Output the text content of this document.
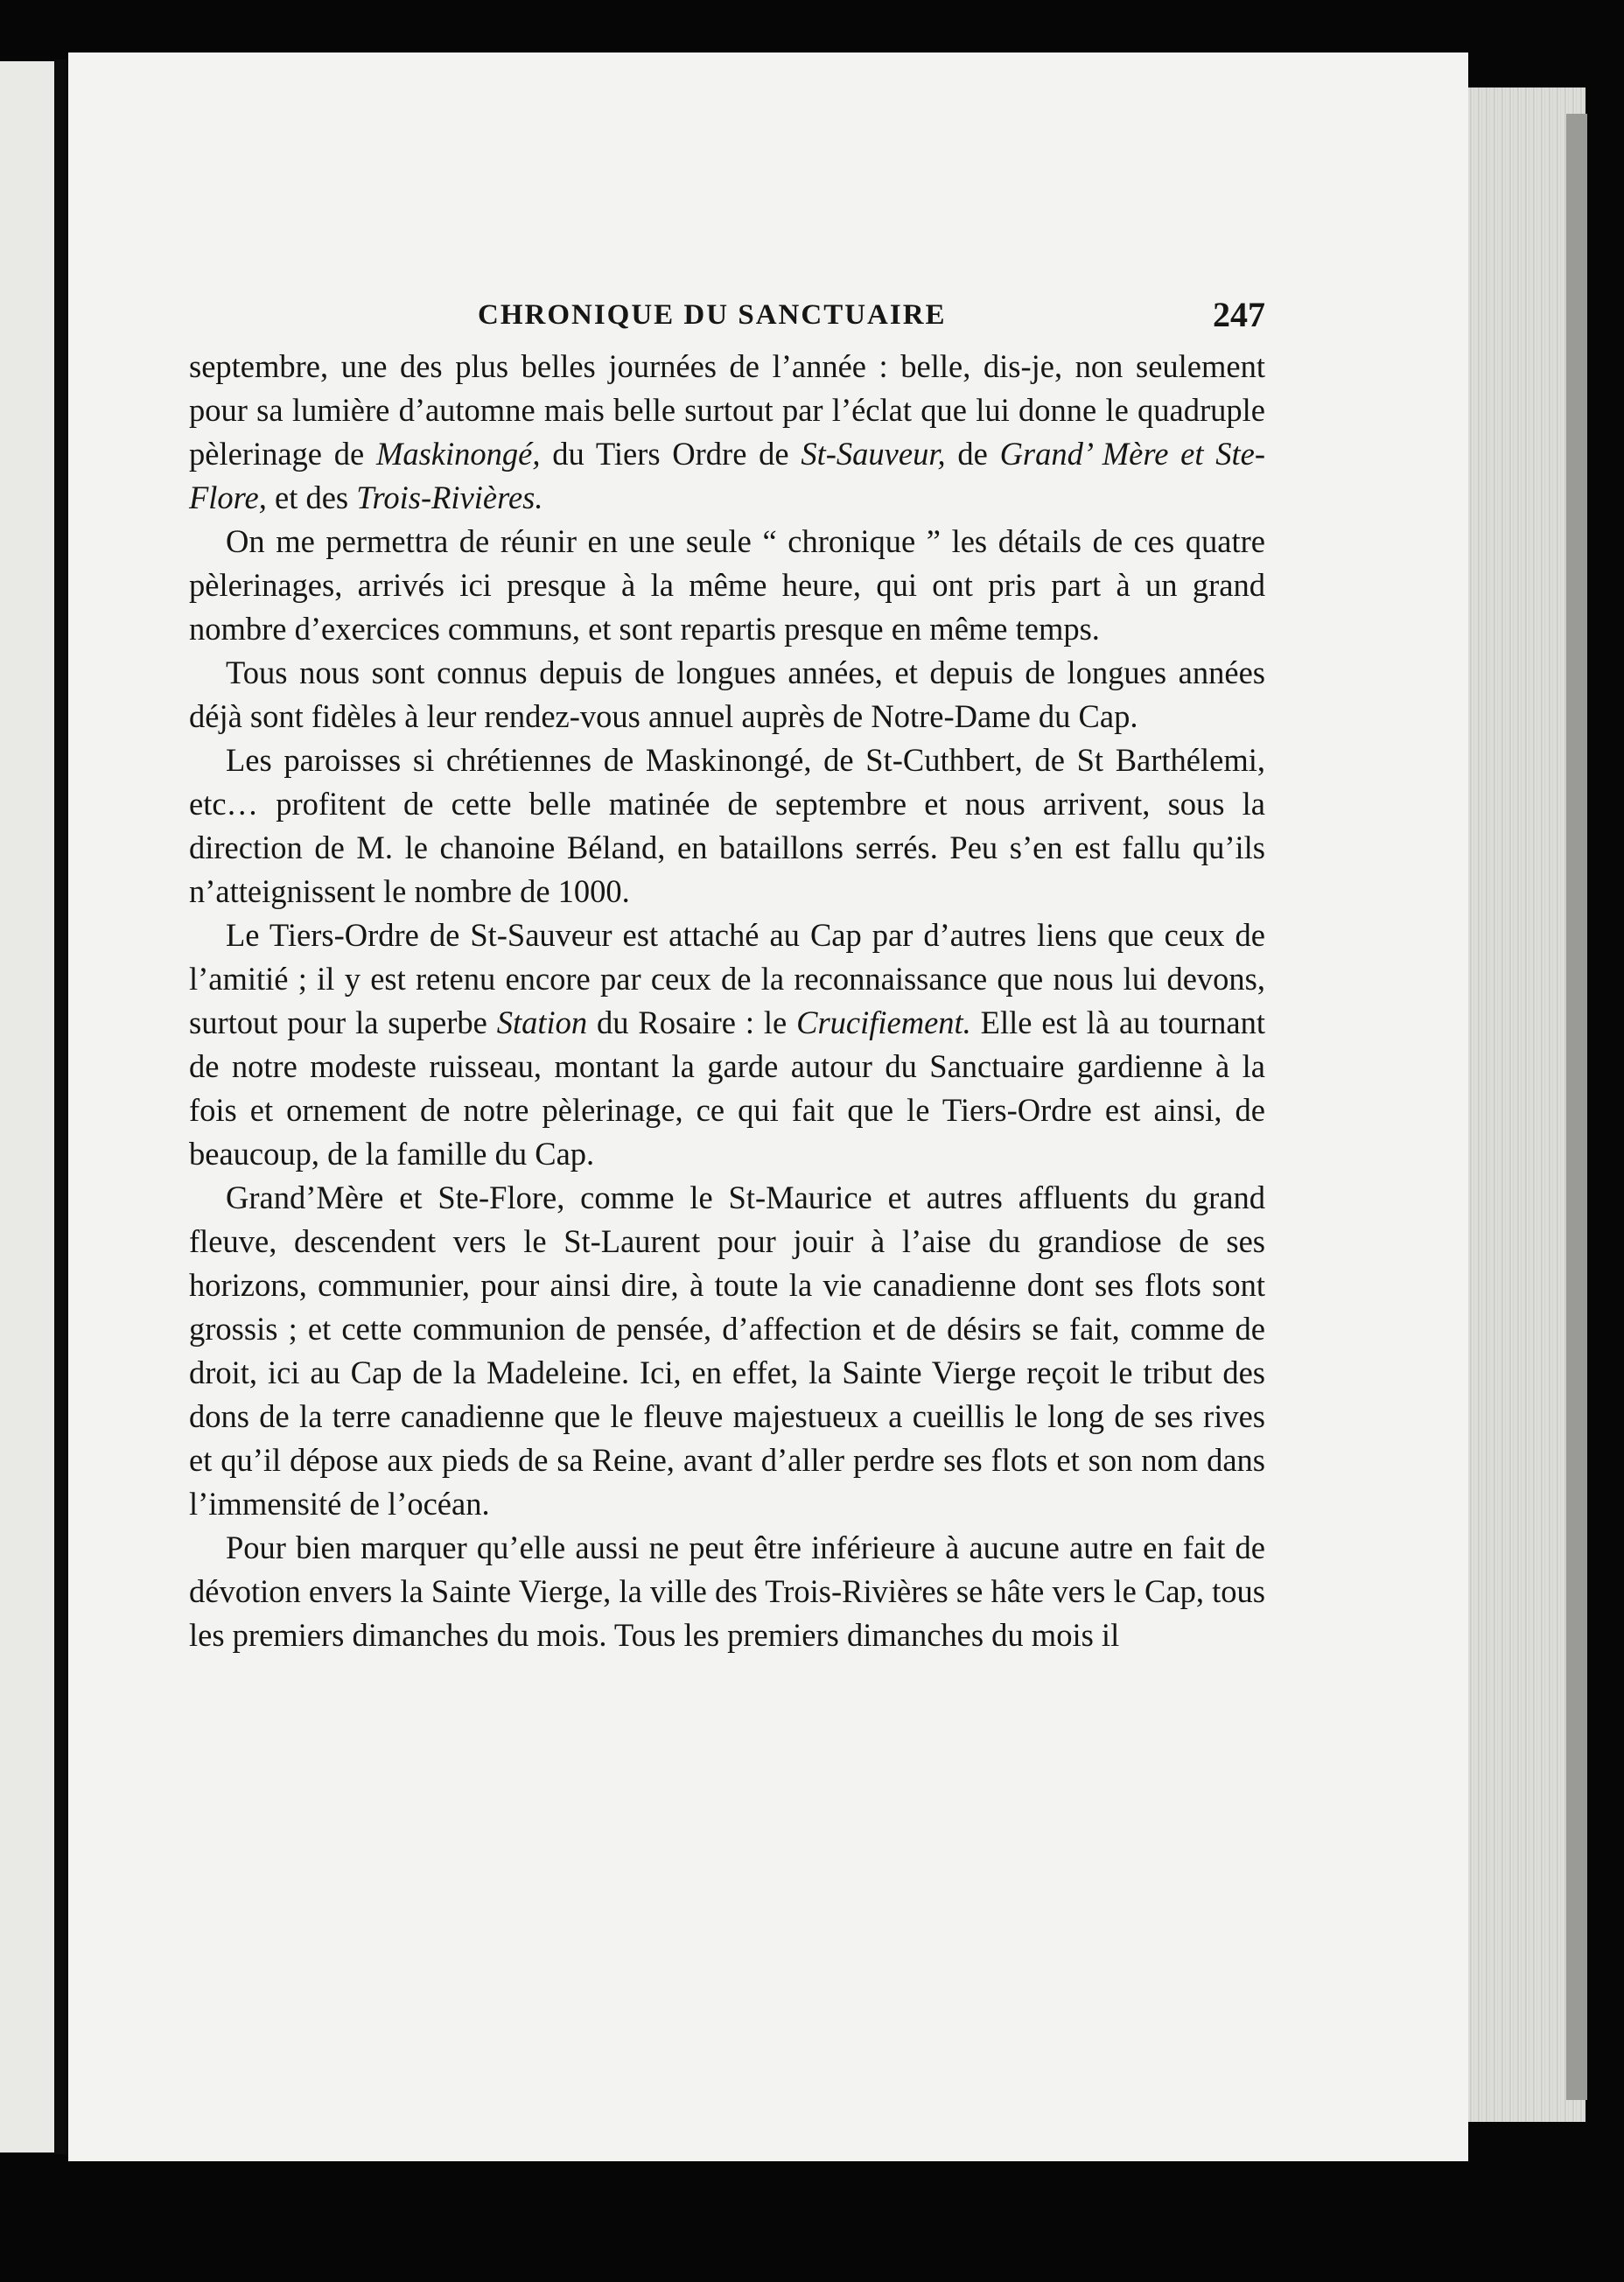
CHRONIQUE DU SANCTUAIRE	247

septembre, une des plus belles journées de l’année : belle, dis-je, non seulement pour sa lumière d’automne mais belle surtout par l’éclat que lui donne le quadruple pèlerinage de Maskinongé, du Tiers Ordre de St-Sauveur, de Grand’ Mère et Ste-Flore, et des Trois-Rivières.

On me permettra de réunir en une seule “ chronique ” les détails de ces quatre pèlerinages, arrivés ici presque à la même heure, qui ont pris part à un grand nombre d’exercices communs, et sont repartis presque en même temps.

Tous nous sont connus depuis de longues années, et depuis de longues années déjà sont fidèles à leur rendez-vous annuel auprès de Notre-Dame du Cap.

Les paroisses si chrétiennes de Maskinongé, de St-Cuthbert, de St Barthélemi, etc… profitent de cette belle matinée de septembre et nous arrivent, sous la direction de M. le chanoine Béland, en bataillons serrés. Peu s’en est fallu qu’ils n’atteignissent le nombre de 1000.

Le Tiers-Ordre de St-Sauveur est attaché au Cap par d’autres liens que ceux de l’amitié ; il y est retenu encore par ceux de la reconnaissance que nous lui devons, surtout pour la superbe Station du Rosaire : le Crucifiement. Elle est là au tournant de notre modeste ruisseau, montant la garde autour du Sanctuaire gardienne à la fois et ornement de notre pèlerinage, ce qui fait que le Tiers-Ordre est ainsi, de beaucoup, de la famille du Cap.

Grand’Mère et Ste-Flore, comme le St-Maurice et autres affluents du grand fleuve, descendent vers le St-Laurent pour jouir à l’aise du grandiose de ses horizons, communier, pour ainsi dire, à toute la vie canadienne dont ses flots sont grossis ; et cette communion de pensée, d’affection et de désirs se fait, comme de droit, ici au Cap de la Madeleine. Ici, en effet, la Sainte Vierge reçoit le tribut des dons de la terre canadienne que le fleuve majestueux a cueillis le long de ses rives et qu’il dépose aux pieds de sa Reine, avant d’aller perdre ses flots et son nom dans l’immensité de l’océan.

Pour bien marquer qu’elle aussi ne peut être inférieure à aucune autre en fait de dévotion envers la Sainte Vierge, la ville des Trois-Rivières se hâte vers le Cap, tous les premiers dimanches du mois. Tous les premiers dimanches du mois il
